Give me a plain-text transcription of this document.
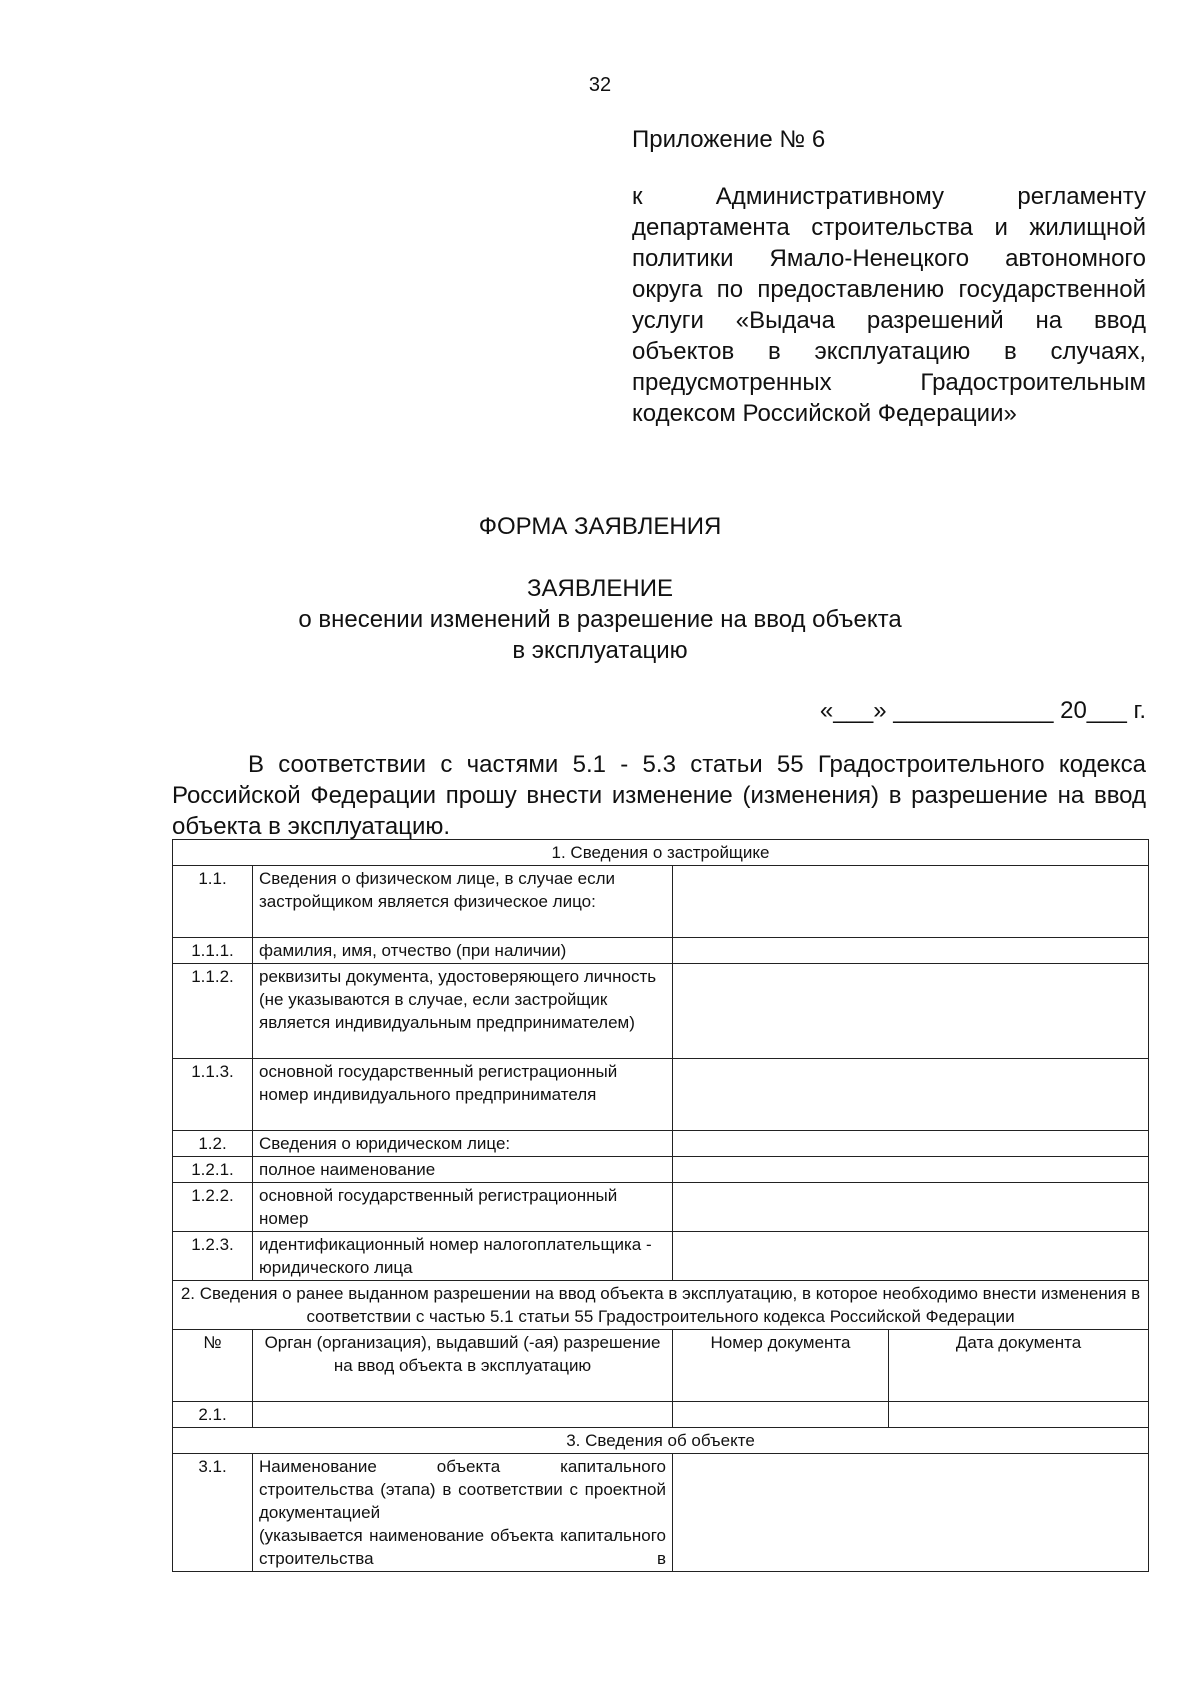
32

Приложение № 6

к Административному регламенту департамента строительства и жилищной политики Ямало-Ненецкого автономного округа по предоставлению государственной услуги «Выдача разрешений на ввод объектов в эксплуатацию в случаях, предусмотренных Градостроительным кодексом Российской Федерации»

ФОРМА ЗАЯВЛЕНИЯ
ЗАЯВЛЕНИЕ
о внесении изменений в разрешение на ввод объекта
в эксплуатацию
«___» ____________ 20___ г.

В соответствии с частями 5.1 - 5.3 статьи 55 Градостроительного кодекса Российской Федерации прошу внести изменение (изменения) в разрешение на ввод объекта в эксплуатацию.

1. Сведения о застройщике			
1.1.	Сведения о физическом лице, в случае если застройщиком является физическое лицо:		
1.1.1.	фамилия, имя, отчество (при наличии)		
1.1.2.	реквизиты документа, удостоверяющего личность (не указываются в случае, если застройщик является индивидуальным предпринимателем)		
1.1.3.	основной государственный регистрационный номер индивидуального предпринимателя		
1.2.	Сведения о юридическом лице:		
1.2.1.	полное наименование		
1.2.2.	основной государственный регистрационный номер		
1.2.3.	идентификационный номер налогоплательщика - юридического лица		
2. Сведения о ранее выданном разрешении на ввод объекта в эксплуатацию, в которое необходимо внести изменения в соответствии с частью 5.1 статьи 55 Градостроительного кодекса Российской Федерации			
№	Орган (организация), выдавший (-ая) разрешение на ввод объекта в эксплуатацию	Номер документа	Дата документа
2.1.			
3. Сведения об объекте			
3.1.	Наименование объекта капитального строительства (этапа) в соответствии с проектной документацией
(указывается наименование объекта капитального строительства в		
